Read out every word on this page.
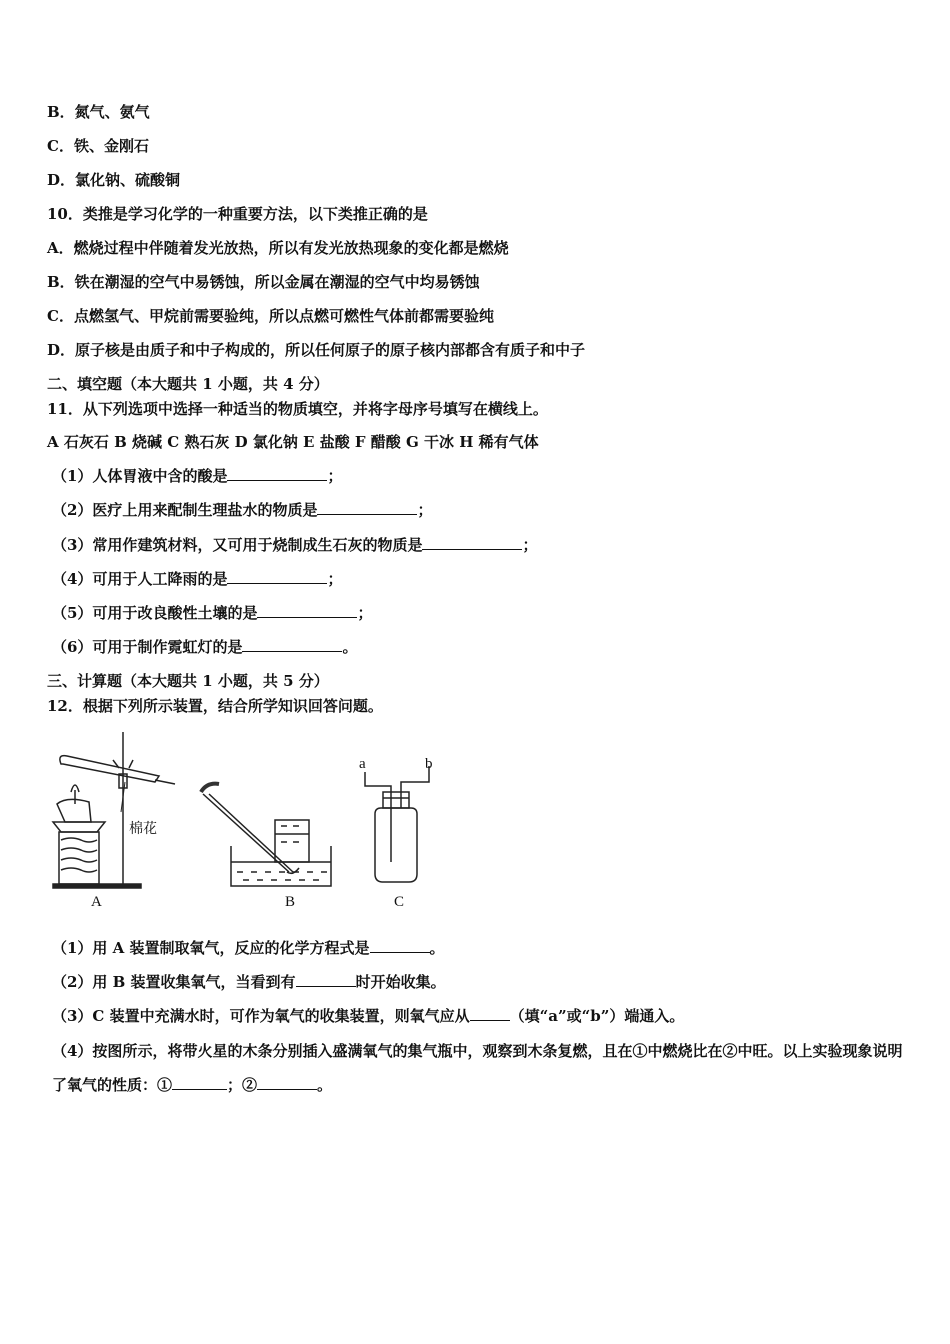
B．氮气、氨气
C．铁、金刚石
D．氯化钠、硫酸铜
10．类推是学习化学的一种重要方法，以下类推正确的是
A．燃烧过程中伴随着发光放热，所以有发光放热现象的变化都是燃烧
B．铁在潮湿的空气中易锈蚀，所以金属在潮湿的空气中均易锈蚀
C．点燃氢气、甲烷前需要验纯，所以点燃可燃性气体前都需要验纯
D．原子核是由质子和中子构成的，所以任何原子的原子核内部都含有质子和中子
二、填空题（本大题共 1 小题，共 4 分）
11．从下列选项中选择一种适当的物质填空，并将字母序号填写在横线上。
A 石灰石 B 烧碱 C 熟石灰 D 氯化钠 E 盐酸 F 醋酸 G 干冰 H 稀有气体
（1）人体胃液中含的酸是	；
（2）医疗上用来配制生理盐水的物质是	；
（3）常用作建筑材料，又可用于烧制成生石灰的物质是	；
（4）可用于人工降雨的是	；
（5）可用于改良酸性土壤的是	；
（6）可用于制作霓虹灯的是	。
三、计算题（本大题共 1 小题，共 5 分）
12．根据下列所示装置，结合所学知识回答问题。
棉花
A	B	C
a	b
（1）用 A 装置制取氧气，反应的化学方程式是	。
（2）用 B 装置收集氧气，当看到有	时开始收集。
（3）C 装置中充满水时，可作为氧气的收集装置，则氧气应从	（填“a”或“b”）端通入。
（4）按图所示，将带火星的木条分别插入盛满氧气的集气瓶中，观察到木条复燃，且在①中燃烧比在②中旺。以上实验现象说明了氧气的性质：①	；②	。
